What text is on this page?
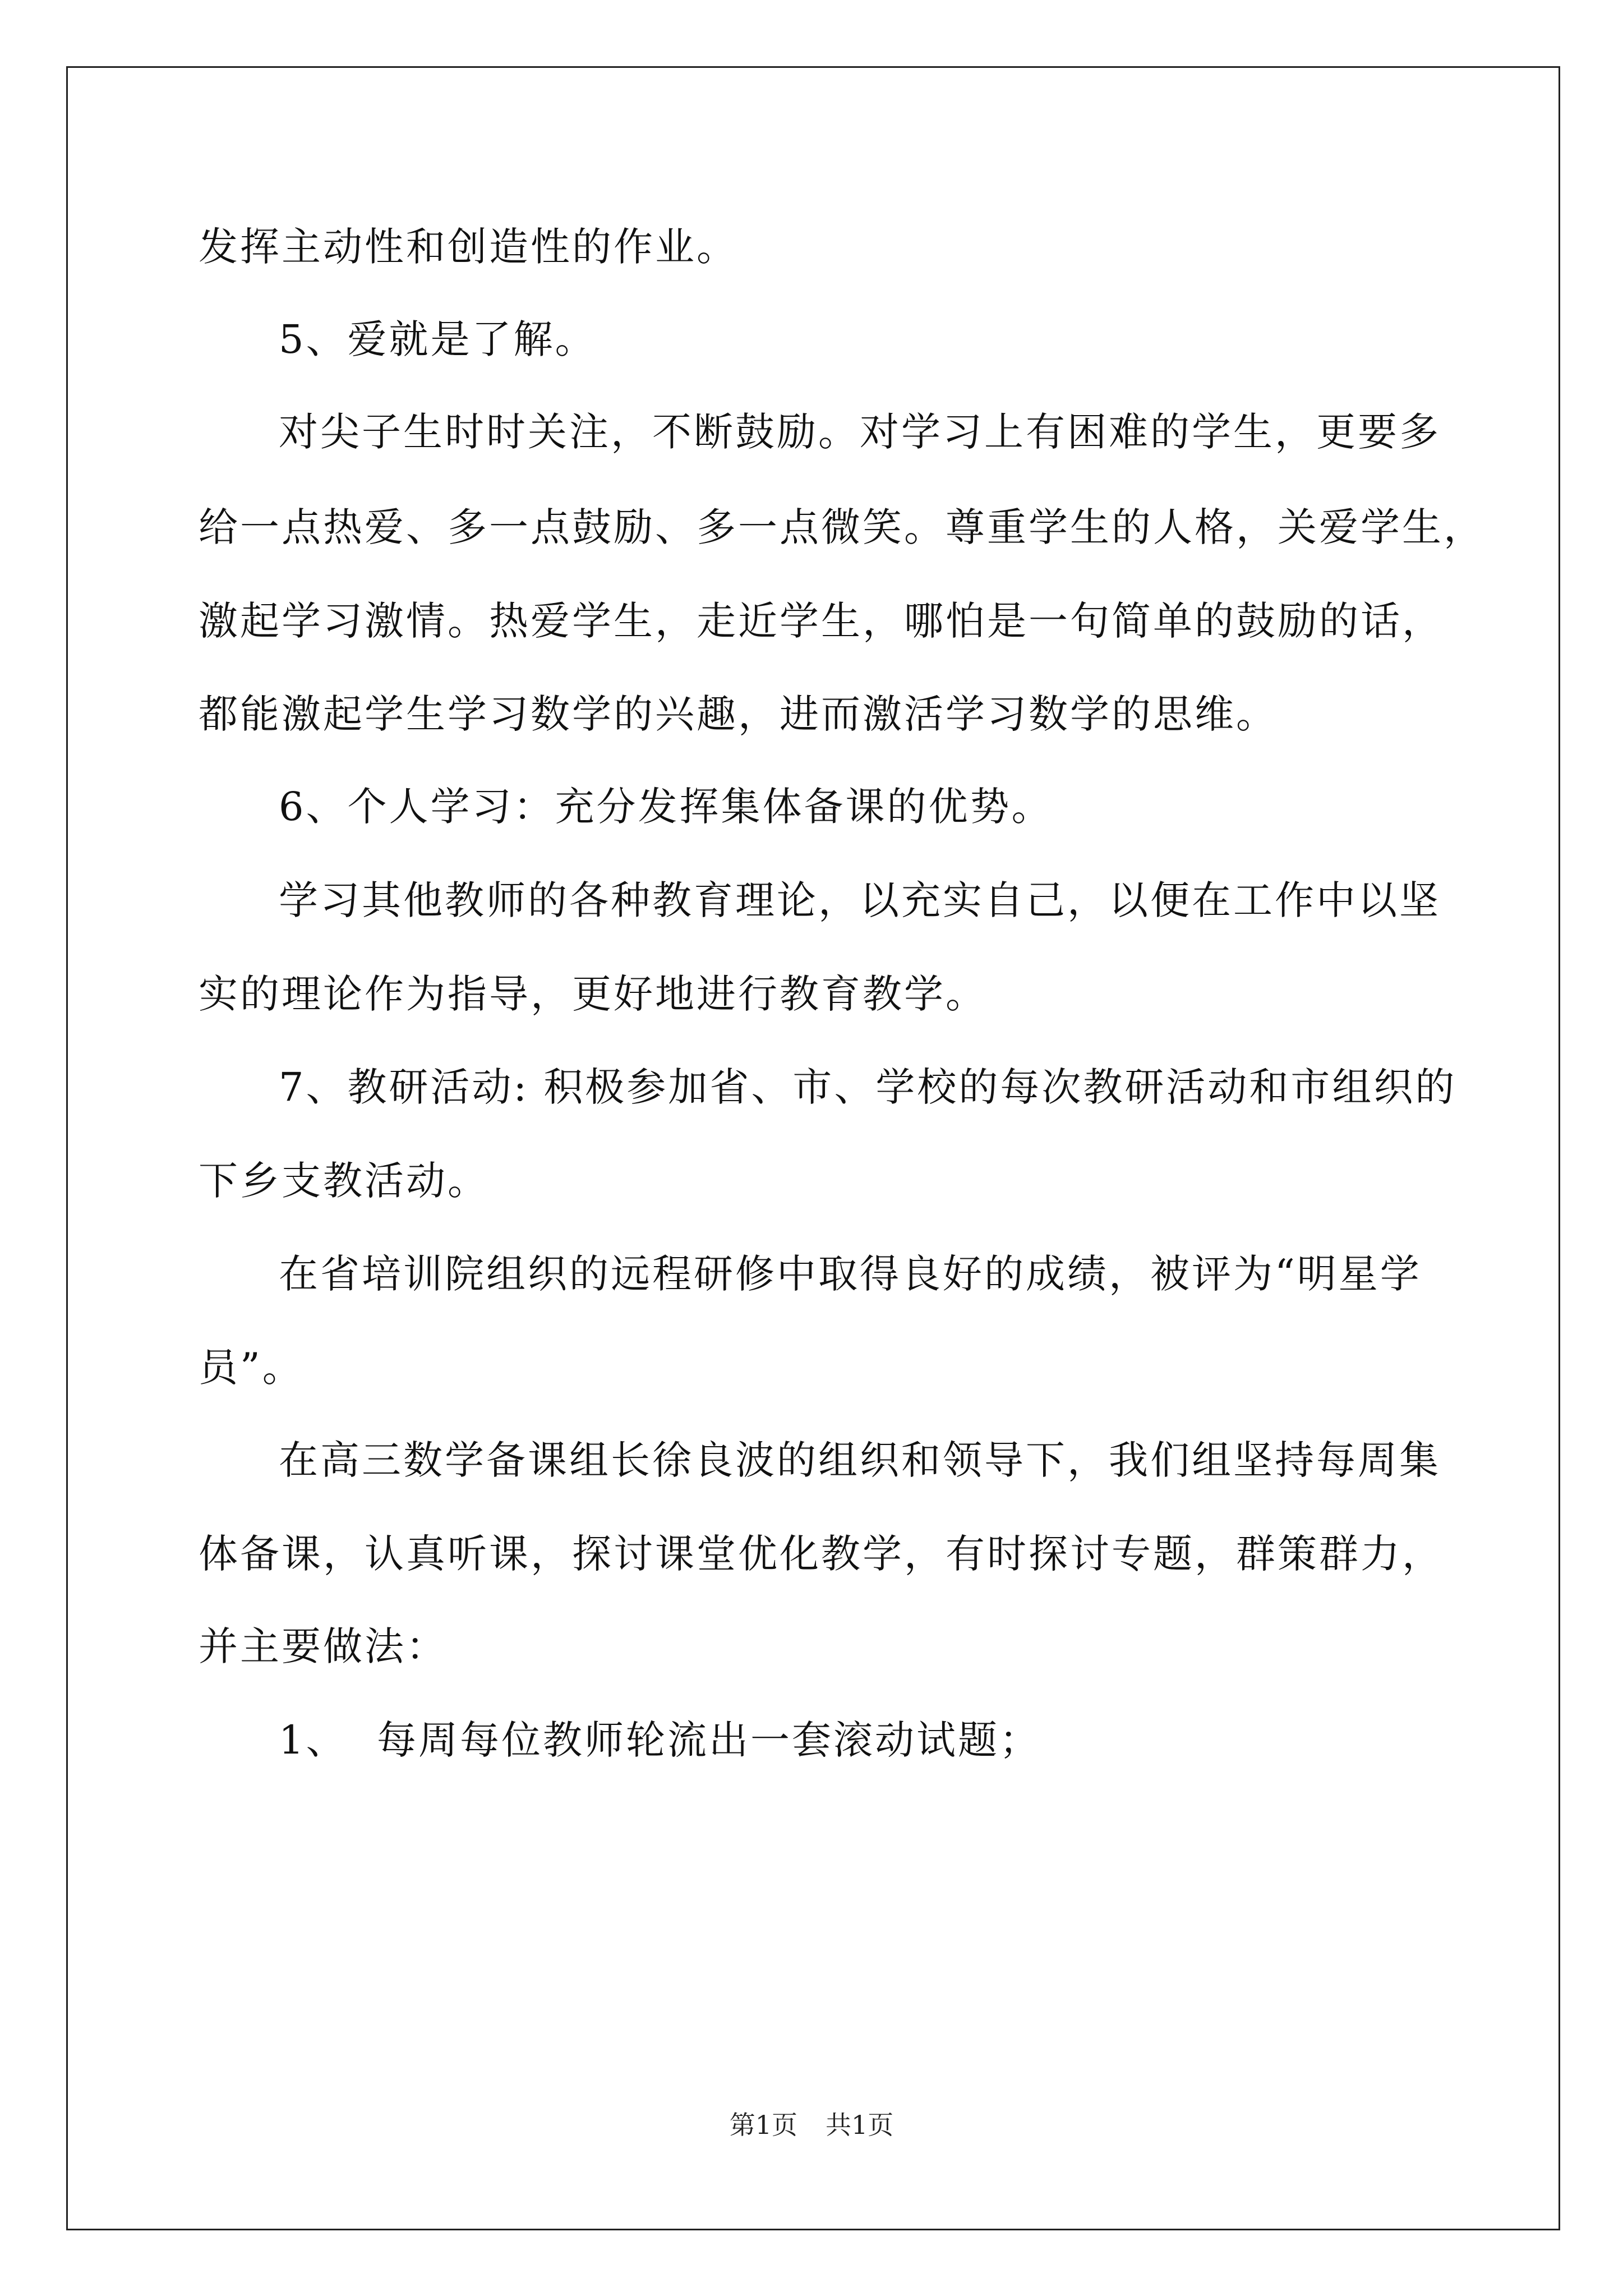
发挥主动性和创造性的作业。

5、爱就是了解。

对尖子生时时关注，不断鼓励。对学习上有困难的学生，更要多

给一点热爱、多一点鼓励、多一点微笑。尊重学生的人格，关爱学生，

激起学习激情。热爱学生，走近学生，哪怕是一句简单的鼓励的话，

都能激起学生学习数学的兴趣，进而激活学习数学的思维。

6、个人学习：充分发挥集体备课的优势。

学习其他教师的各种教育理论，以充实自己，以便在工作中以坚

实的理论作为指导，更好地进行教育教学。

7、教研活动: 积极参加省、市、学校的每次教研活动和市组织的

下乡支教活动。

在省培训院组织的远程研修中取得良好的成绩，被评为“明星学

员”。

在高三数学备课组长徐良波的组织和领导下，我们组坚持每周集

体备课，认真听课，探讨课堂优化教学，有时探讨专题，群策群力，

并主要做法：

1、  每周每位教师轮流出一套滚动试题；

第1页 共1页
